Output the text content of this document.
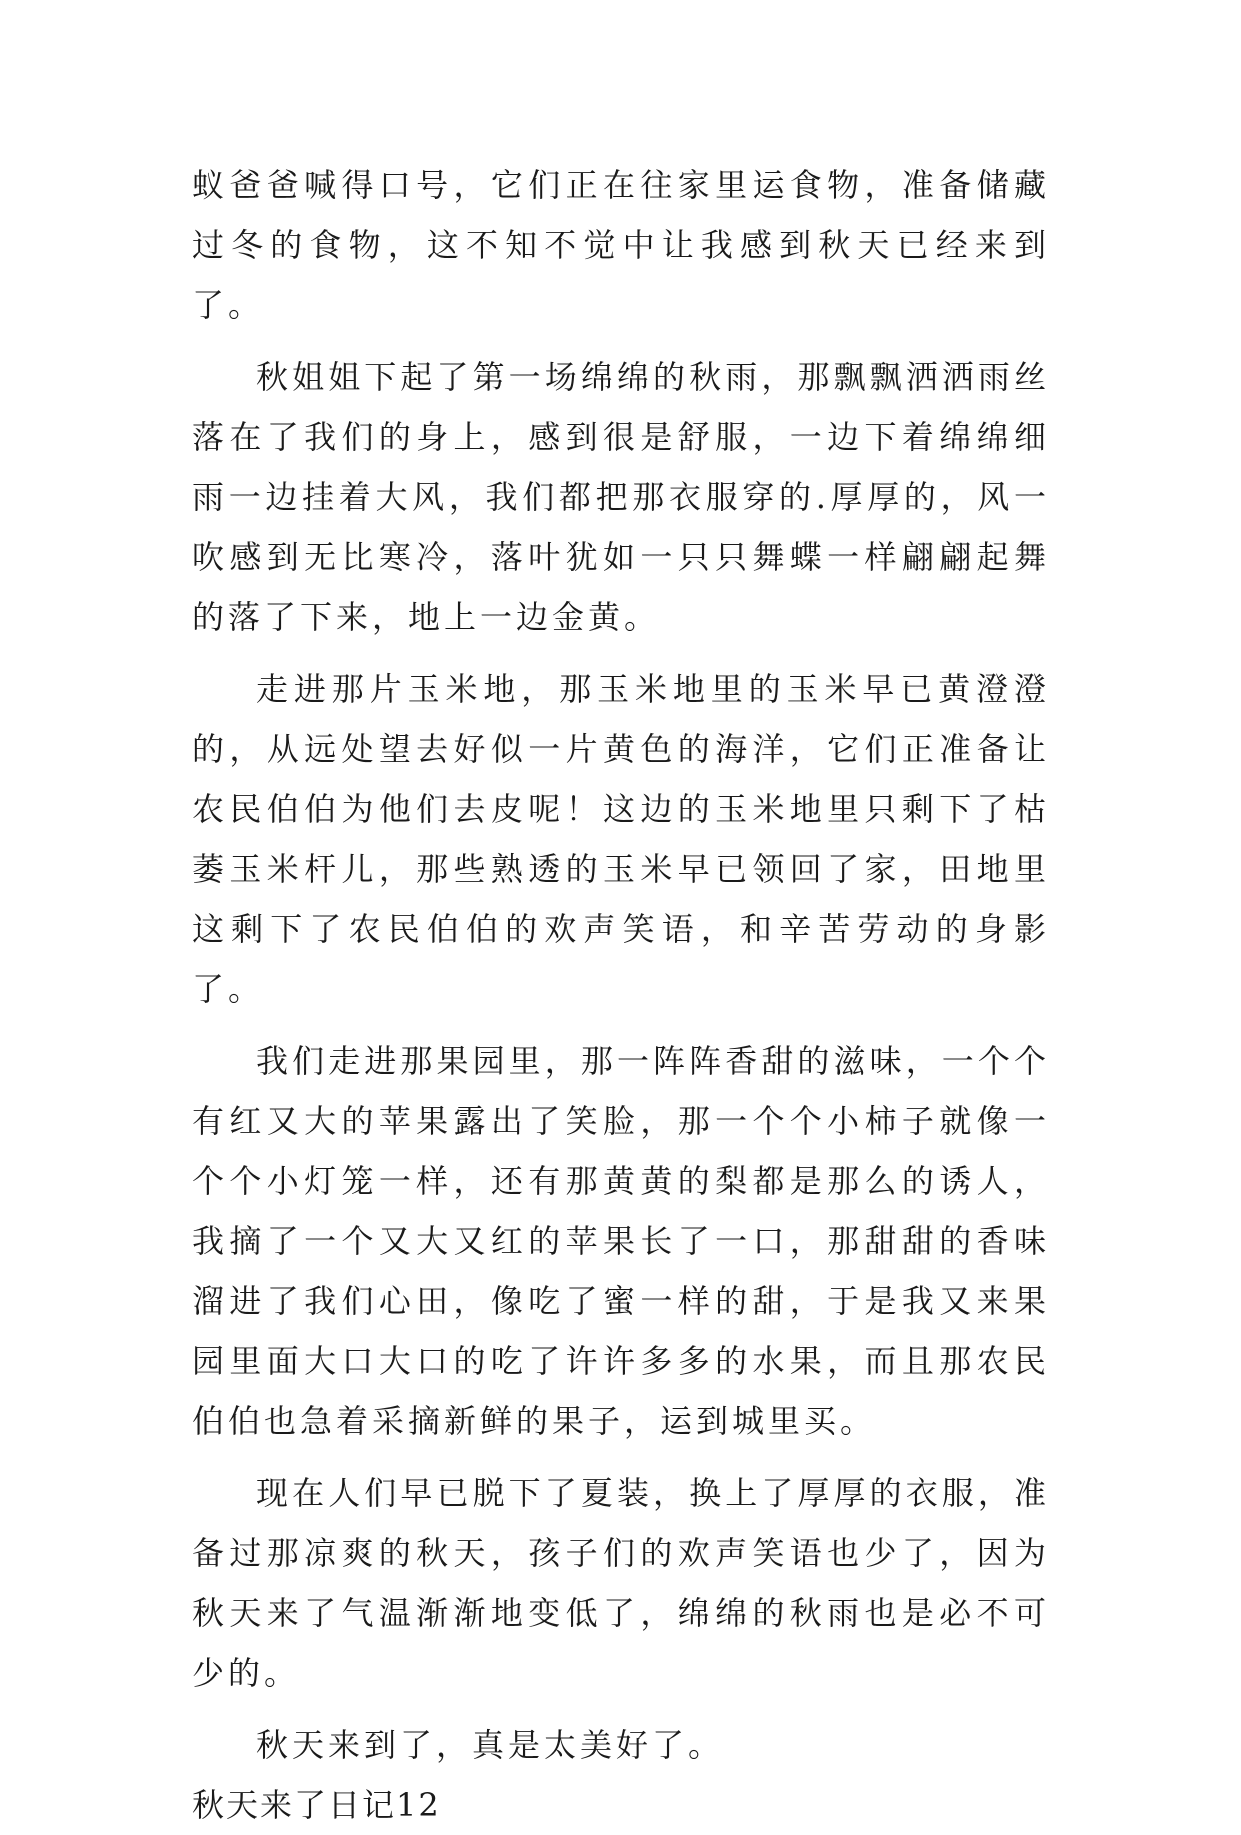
蚁爸爸喊得口号，它们正在往家里运食物，准备储藏过冬的食物，这不知不觉中让我感到秋天已经来到了。

秋姐姐下起了第一场绵绵的秋雨，那飘飘洒洒雨丝落在了我们的身上，感到很是舒服，一边下着绵绵细雨一边挂着大风，我们都把那衣服穿的.厚厚的，风一吹感到无比寒冷，落叶犹如一只只舞蝶一样翩翩起舞的落了下来，地上一边金黄。

走进那片玉米地，那玉米地里的玉米早已黄澄澄的，从远处望去好似一片黄色的海洋，它们正准备让农民伯伯为他们去皮呢！这边的玉米地里只剩下了枯萎玉米杆儿，那些熟透的玉米早已领回了家，田地里这剩下了农民伯伯的欢声笑语，和辛苦劳动的身影了。

我们走进那果园里，那一阵阵香甜的滋味，一个个有红又大的苹果露出了笑脸，那一个个小柿子就像一个个小灯笼一样，还有那黄黄的梨都是那么的诱人，我摘了一个又大又红的苹果长了一口，那甜甜的香味溜进了我们心田，像吃了蜜一样的甜，于是我又来果园里面大口大口的吃了许许多多的水果，而且那农民伯伯也急着采摘新鲜的果子，运到城里买。

现在人们早已脱下了夏装，换上了厚厚的衣服，准备过那凉爽的秋天，孩子们的欢声笑语也少了，因为秋天来了气温渐渐地变低了，绵绵的秋雨也是必不可少的。

秋天来到了，真是太美好了。

秋天来了日记12
